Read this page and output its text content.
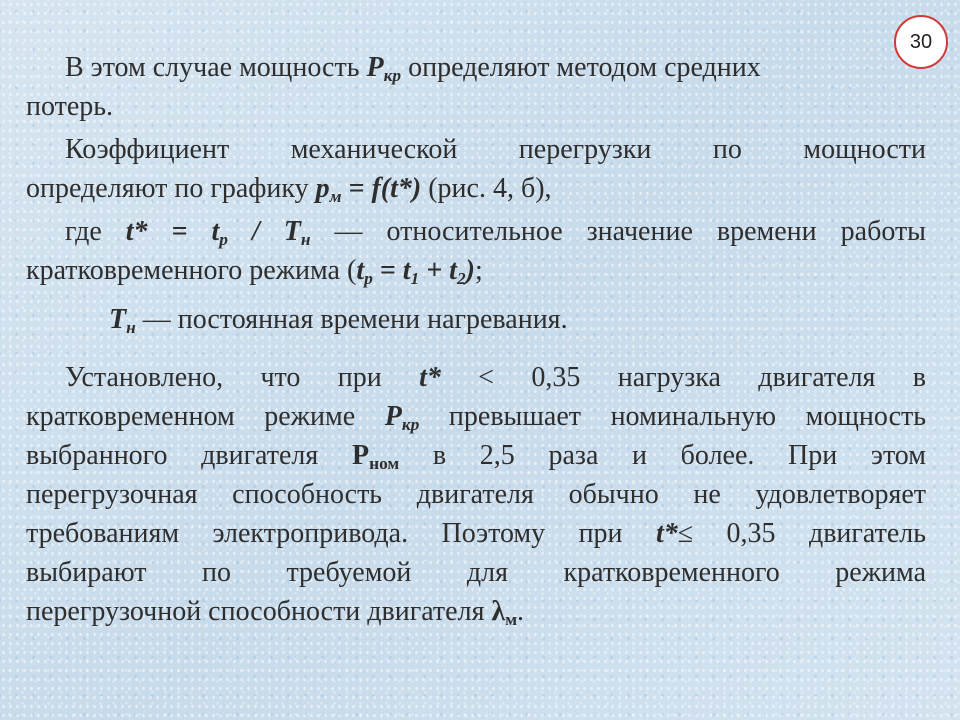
30
В этом случае мощность $P_{кр}$ определяют методом средних
потерь.
Коэффициент механической перегрузки по мощности
определяют по графику $p_м = f(t*)$ (рис. 4, б),
где $t* = t_р / T_н$ — относительное значение времени работы
кратковременного режима $(t_р = t_1 + t_2)$;
$T_н$ — постоянная времени нагревания.
Установлено, что при t* < 0,35 нагрузка двигателя в
кратковременном режиме $P_{кр}$ превышает номинальную мощность
выбранного двигателя $P_{ном}$ в 2,5 раза и более. При этом
перегрузочная способность двигателя обычно не удовлетворяет
требованиям электропривода. Поэтому при t*≤ 0,35 двигатель
выбирают по требуемой для кратковременного режима
перегрузочной способности двигателя $\lambda_м$.
